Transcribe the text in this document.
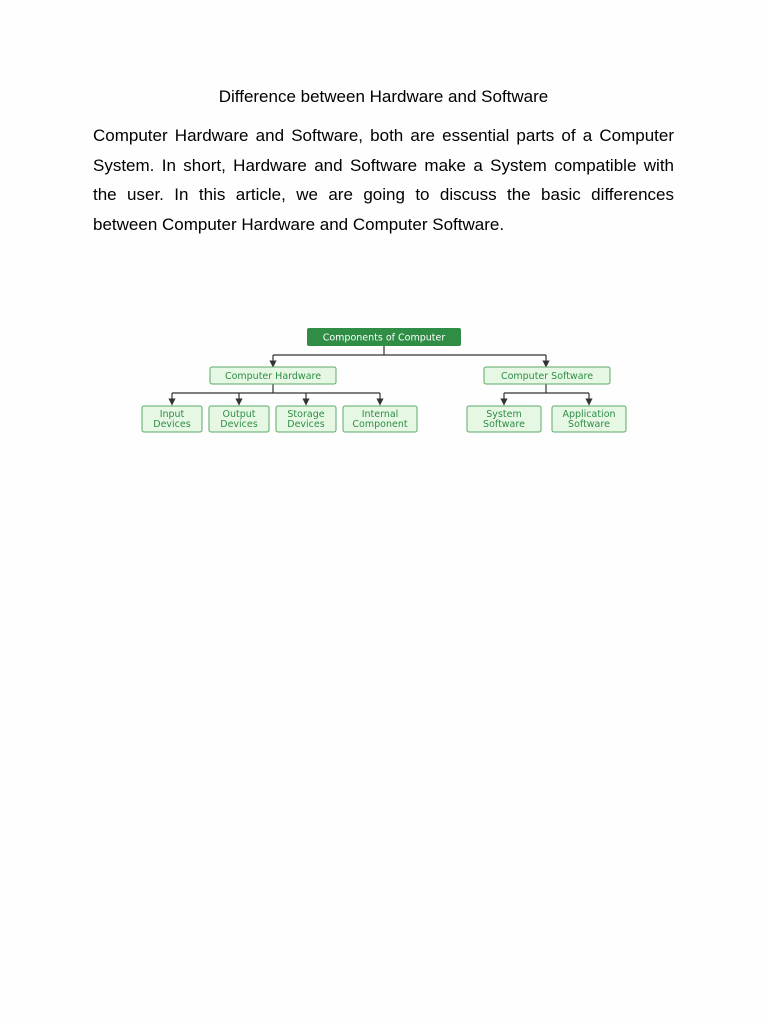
Difference between Hardware and Software

Computer Hardware and Software, both are essential parts of a Computer System. In short, Hardware and Software make a System compatible with the user. In this article, we are going to discuss the basic differences between Computer Hardware and Computer Software.

Components of Computer
Computer Hardware	Computer Software
Input
Devices
Output
Devices
Storage
Devices
Internal
Component
System
Software
Application
Software
